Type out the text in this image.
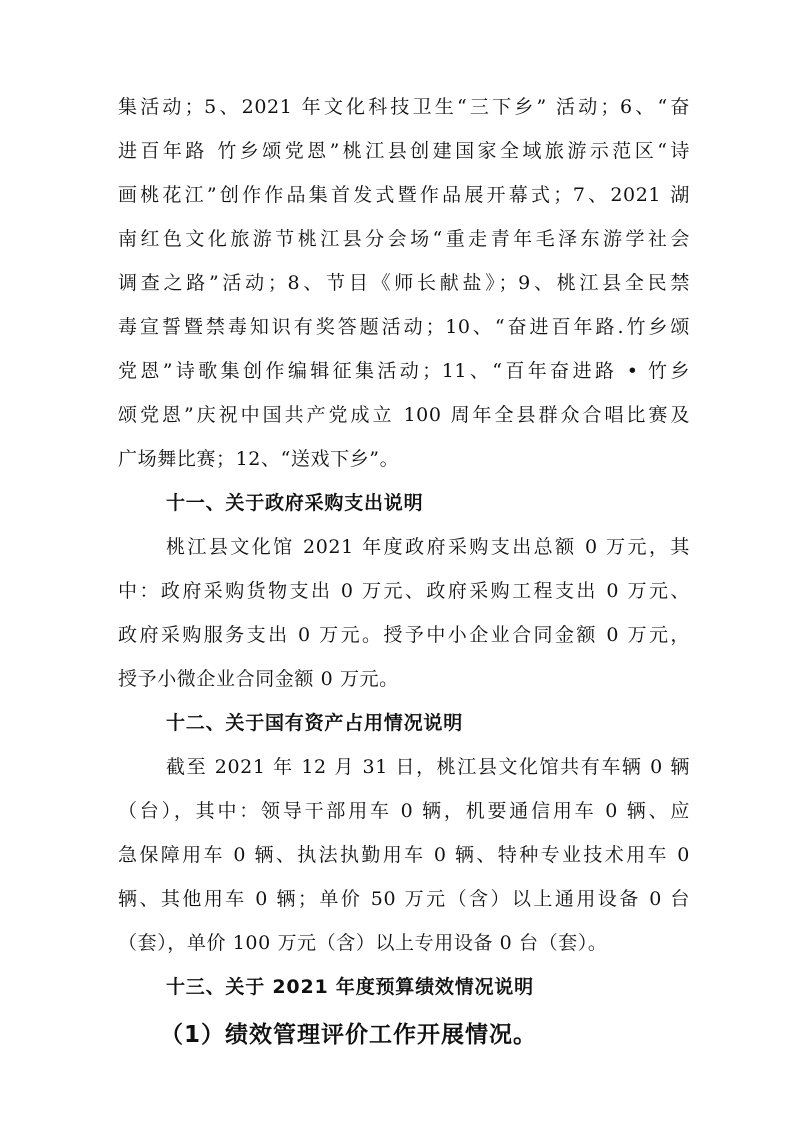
集活动；5、2021 年文化科技卫生“三下乡” 活动；6、“奋
进百年路 竹乡颂党恩”桃江县创建国家全域旅游示范区“诗
画桃花江”创作作品集首发式暨作品展开幕式；7、2021 湖
南红色文化旅游节桃江县分会场“重走青年毛泽东游学社会
调查之路”活动；8、节目《师长献盐》；9、桃江县全民禁
毒宣誓暨禁毒知识有奖答题活动；10、“奋进百年路.竹乡颂
党恩”诗歌集创作编辑征集活动；11、“百年奋进路 • 竹乡
颂党恩”庆祝中国共产党成立 100 周年全县群众合唱比赛及
广场舞比赛；12、“送戏下乡”。
十一、关于政府采购支出说明
桃江县文化馆 2021 年度政府采购支出总额 0 万元，其
中：政府采购货物支出 0 万元、政府采购工程支出 0 万元、
政府采购服务支出 0 万元。授予中小企业合同金额 0 万元，
授予小微企业合同金额 0 万元。
十二、关于国有资产占用情况说明
截至 2021 年 12 月 31 日，桃江县文化馆共有车辆 0 辆
（台），其中：领导干部用车 0 辆，机要通信用车 0 辆、应
急保障用车 0 辆、执法执勤用车 0 辆、特种专业技术用车 0
辆、其他用车 0 辆；单价 50 万元（含）以上通用设备 0 台
（套），单价 100 万元（含）以上专用设备 0 台（套）。
十三、关于 2021 年度预算绩效情况说明
（1）绩效管理评价工作开展情况。
